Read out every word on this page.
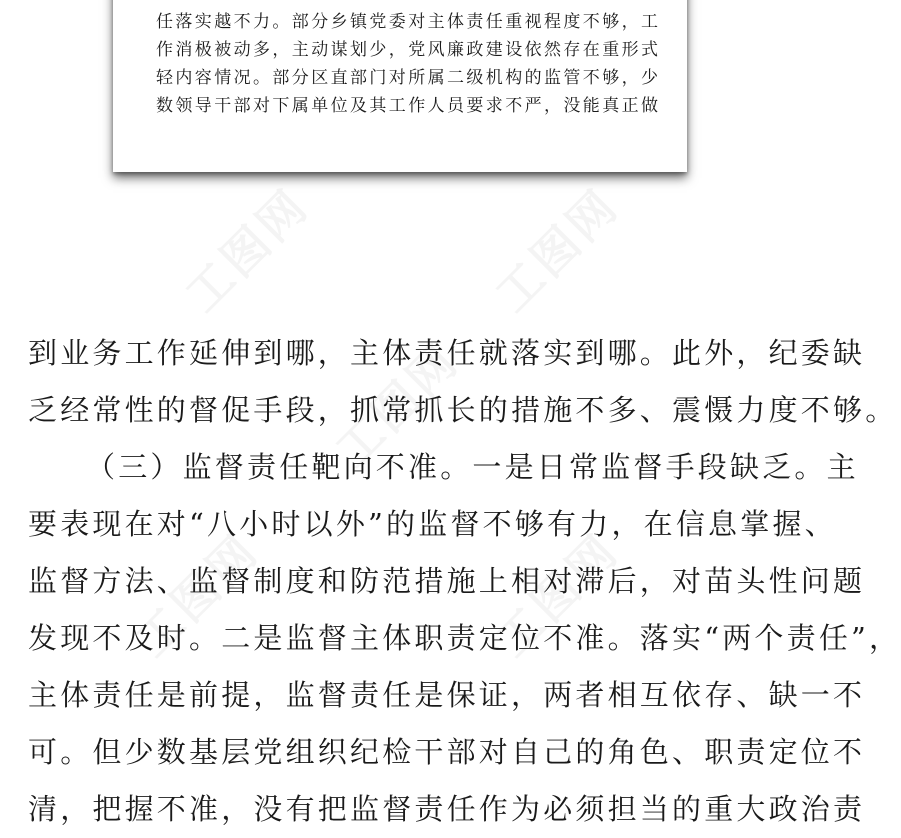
工图网	工图网
工图网
工图网	工图网
任落实越不力。部分乡镇党委对主体责任重视程度不够，工
作消极被动多，主动谋划少，党风廉政建设依然存在重形式
轻内容情况。部分区直部门对所属二级机构的监管不够，少
数领导干部对下属单位及其工作人员要求不严，没能真正做
到业务工作延伸到哪，主体责任就落实到哪。此外，纪委缺
乏经常性的督促手段，抓常抓长的措施不多、震慑力度不够。
（三）监督责任靶向不准。一是日常监督手段缺乏。主
要表现在对“八小时以外”的监督不够有力，在信息掌握、
监督方法、监督制度和防范措施上相对滞后，对苗头性问题
发现不及时。二是监督主体职责定位不准。落实“两个责任”，
主体责任是前提，监督责任是保证，两者相互依存、缺一不
可。但少数基层党组织纪检干部对自己的角色、职责定位不
清，把握不准，没有把监督责任作为必须担当的重大政治责
